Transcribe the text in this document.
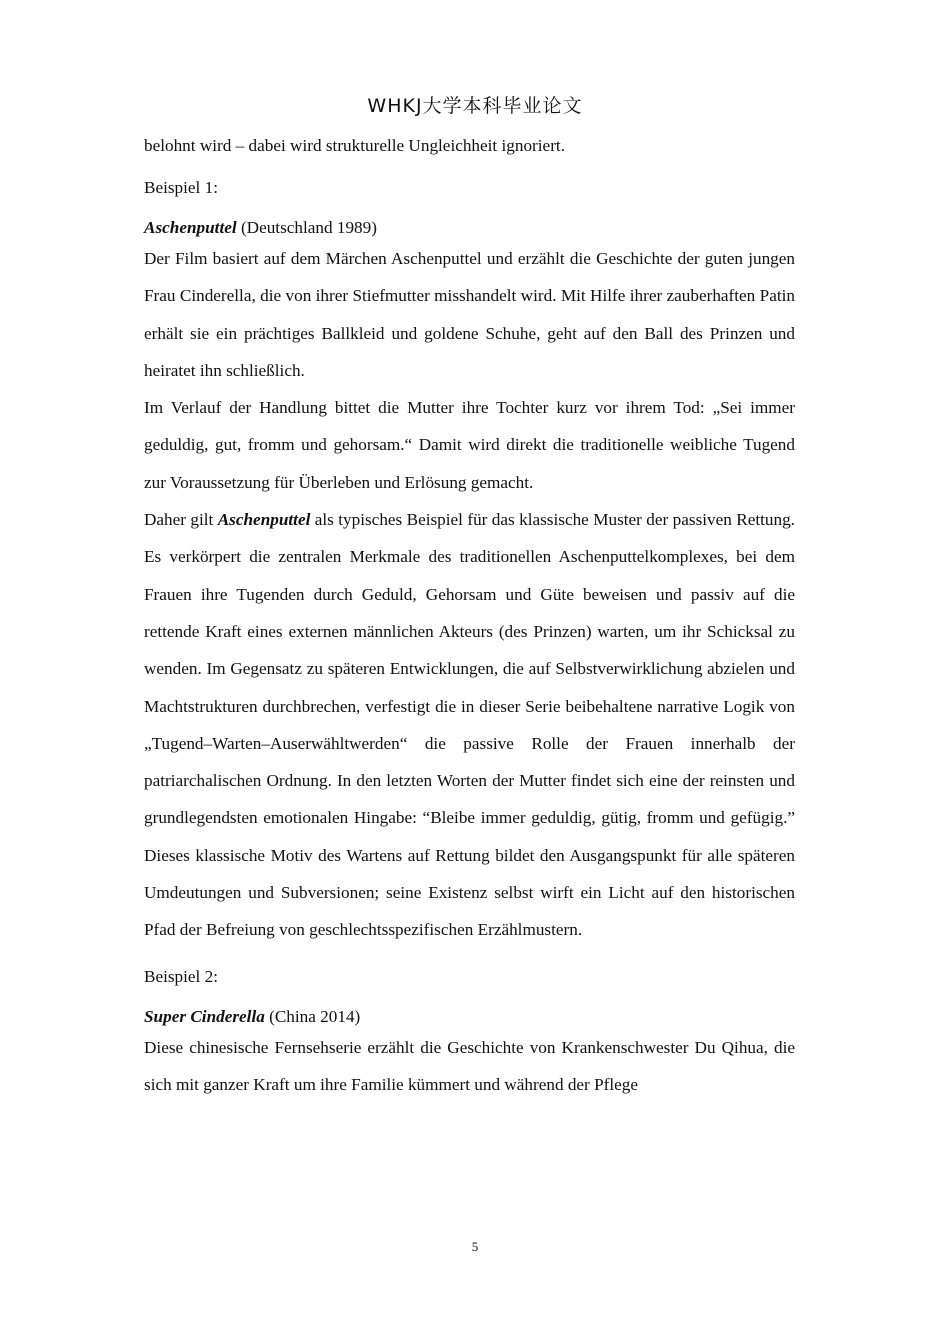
WHKJ大学本科毕业论文

belohnt wird – dabei wird strukturelle Ungleichheit ignoriert.

Beispiel 1:

Aschenputtel (Deutschland 1989)

Der Film basiert auf dem Märchen Aschenputtel und erzählt die Geschichte der guten jungen Frau Cinderella, die von ihrer Stiefmutter misshandelt wird. Mit Hilfe ihrer zauberhaften Patin erhält sie ein prächtiges Ballkleid und goldene Schuhe, geht auf den Ball des Prinzen und heiratet ihn schließlich.

Im Verlauf der Handlung bittet die Mutter ihre Tochter kurz vor ihrem Tod: „Sei immer geduldig, gut, fromm und gehorsam.“ Damit wird direkt die traditionelle weibliche Tugend zur Voraussetzung für Überleben und Erlösung gemacht.

Daher gilt Aschenputtel als typisches Beispiel für das klassische Muster der passiven Rettung. Es verkörpert die zentralen Merkmale des traditionellen Aschenputtelkomplexes, bei dem Frauen ihre Tugenden durch Geduld, Gehorsam und Güte beweisen und passiv auf die rettende Kraft eines externen männlichen Akteurs (des Prinzen) warten, um ihr Schicksal zu wenden. Im Gegensatz zu späteren Entwicklungen, die auf Selbstverwirklichung abzielen und Machtstrukturen durchbrechen, verfestigt die in dieser Serie beibehaltene narrative Logik von „Tugend–Warten–Auserwähltwerden“ die passive Rolle der Frauen innerhalb der patriarchalischen Ordnung. In den letzten Worten der Mutter findet sich eine der reinsten und grundlegendsten emotionalen Hingabe: “Bleibe immer geduldig, gütig, fromm und gefügig.” Dieses klassische Motiv des Wartens auf Rettung bildet den Ausgangspunkt für alle späteren Umdeutungen und Subversionen; seine Existenz selbst wirft ein Licht auf den historischen Pfad der Befreiung von geschlechtsspezifischen Erzählmustern.

Beispiel 2:

Super Cinderella (China 2014)

Diese chinesische Fernsehserie erzählt die Geschichte von Krankenschwester Du Qihua, die sich mit ganzer Kraft um ihre Familie kümmert und während der Pflege

5
